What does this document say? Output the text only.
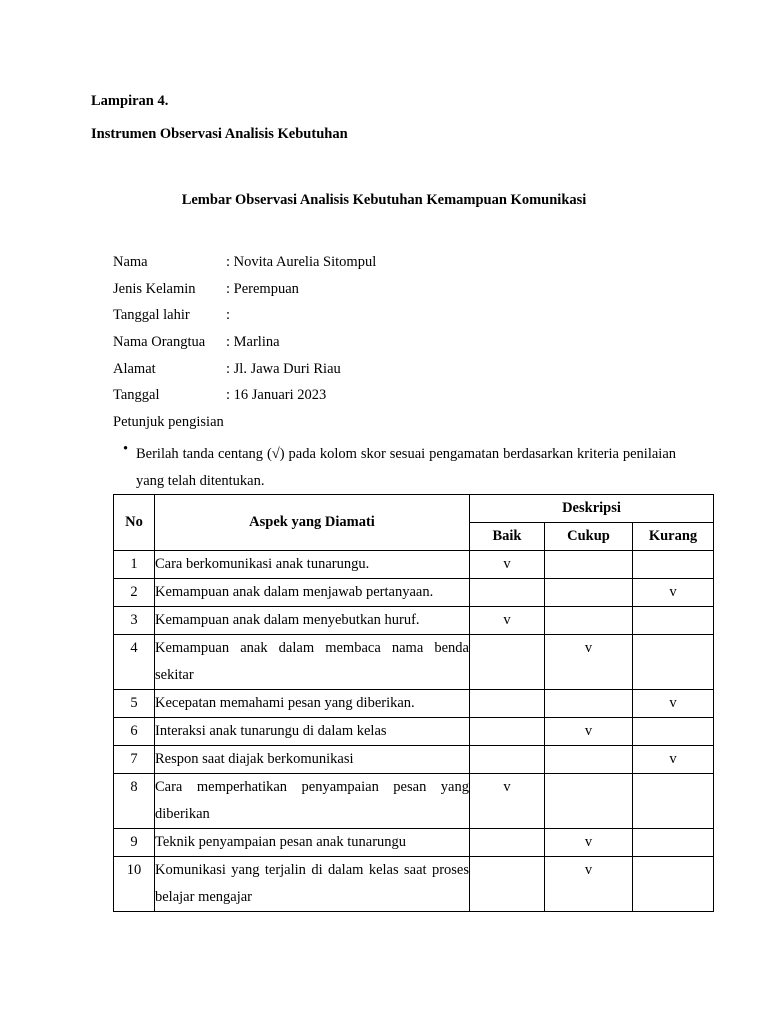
Lampiran 4.
Instrumen Observasi Analisis Kebutuhan
Lembar Observasi Analisis Kebutuhan Kemampuan Komunikasi
Nama	: Novita Aurelia Sitompul
Jenis Kelamin : Perempuan
Tanggal lahir	:
Nama Orangtua : Marlina
Alamat	: Jl. Jawa Duri Riau
Tanggal	: 16 Januari 2023
Petunjuk pengisian
• Berilah tanda centang (√) pada kolom skor sesuai pengamatan berdasarkan kriteria penilaian yang telah ditentukan.
No	Aspek yang Diamati	Deskripsi		
		Baik	Cukup	Kurang
1	Cara berkomunikasi anak tunarungu.	v		
2	Kemampuan anak dalam menjawab pertanyaan.			v
3	Kemampuan anak dalam menyebutkan huruf.	v		
4	Kemampuan anak dalam membaca nama benda sekitar		v	
5	Kecepatan memahami pesan yang diberikan.			v
6	Interaksi anak tunarungu di dalam kelas		v	
7	Respon saat diajak berkomunikasi			v
8	Cara memperhatikan penyampaian pesan yang diberikan	v		
9	Teknik penyampaian pesan anak tunarungu		v	
10	Komunikasi yang terjalin di dalam kelas saat proses belajar mengajar		v	
